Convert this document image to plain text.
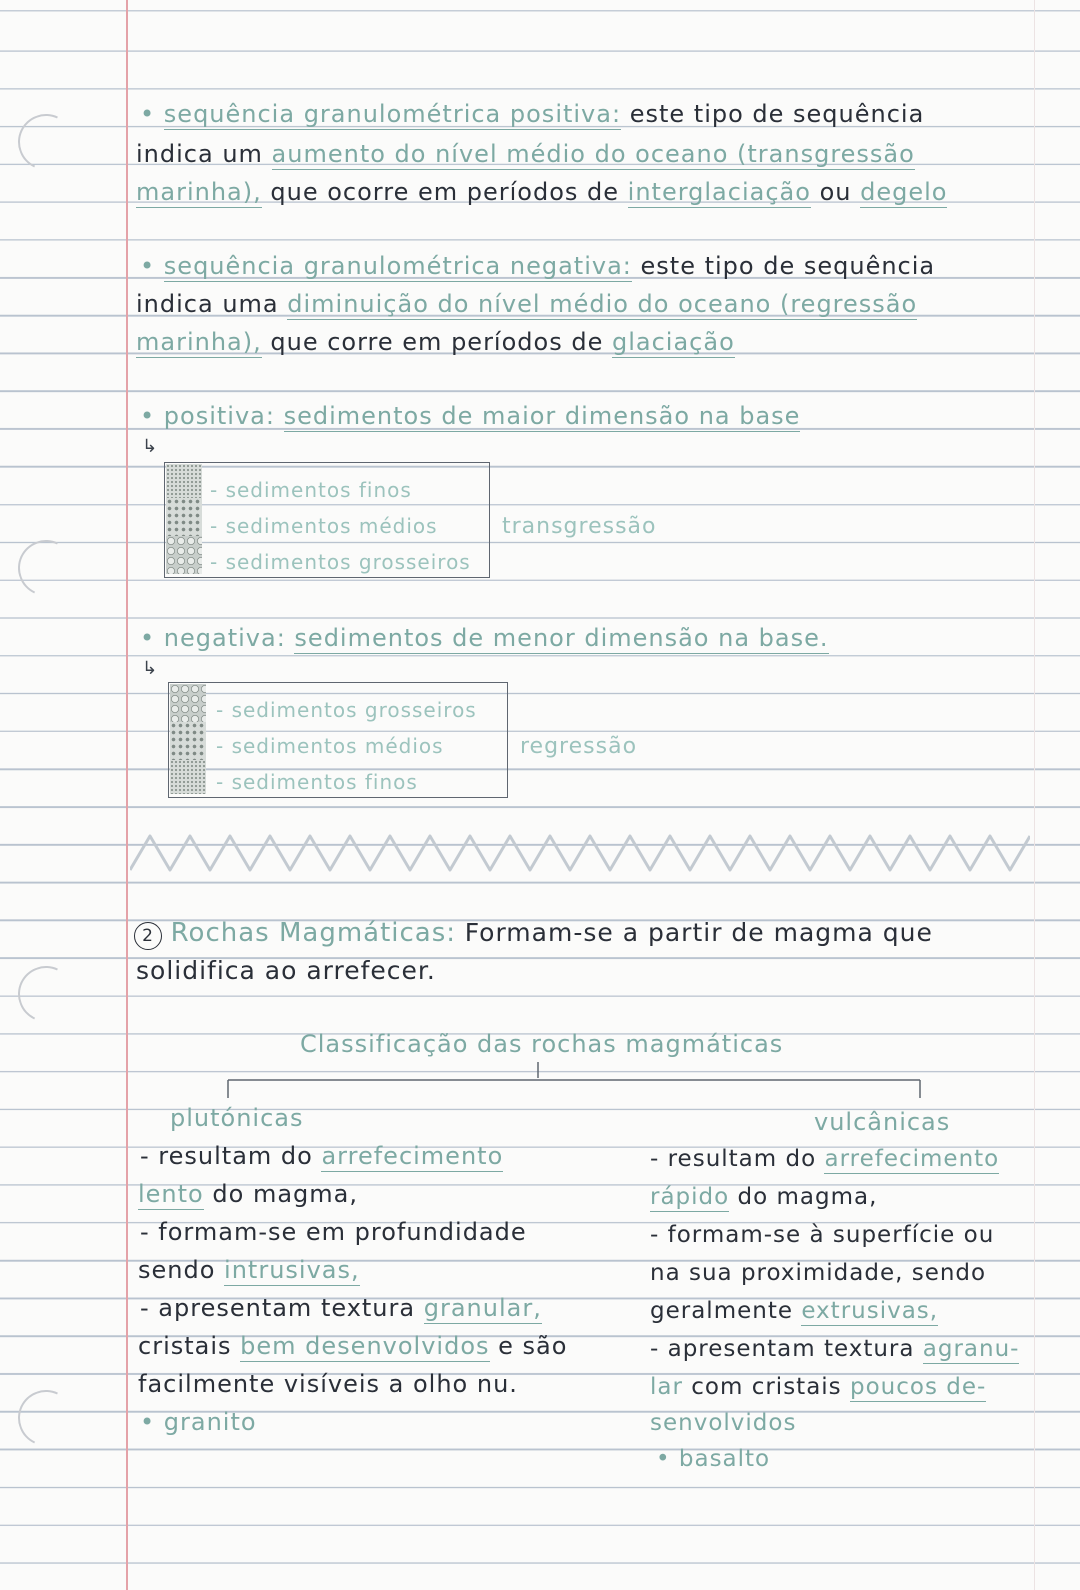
• sequência granulométrica positiva: este tipo de sequência
indica um aumento do nível médio do oceano (transgressão
marinha), que ocorre em períodos de interglaciação ou degelo
• sequência granulométrica negativa: este tipo de sequência
indica uma diminuição do nível médio do oceano (regressão
marinha), que corre em períodos de glaciação
• positiva: sedimentos de maior dimensão na base
↳
- sedimentos finos
- sedimentos médios
- sedimentos grosseiros
transgressão
• negativa: sedimentos de menor dimensão na base.
↳
- sedimentos grosseiros
- sedimentos médios
- sedimentos finos
regressão
2 Rochas Magmáticas: Formam-se a partir de magma que
solidifica ao arrefecer.
Classificação das rochas magmáticas
plutónicas
- resultam do arrefecimento
lento do magma,
- formam-se em profundidade
sendo intrusivas,
- apresentam textura granular,
cristais bem desenvolvidos e são
facilmente visíveis a olho nu.
• granito
vulcânicas
- resultam do arrefecimento
rápido do magma,
- formam-se à superfície ou
na sua proximidade, sendo
geralmente extrusivas,
- apresentam textura agranu-
lar com cristais poucos de-
senvolvidos
• basalto
